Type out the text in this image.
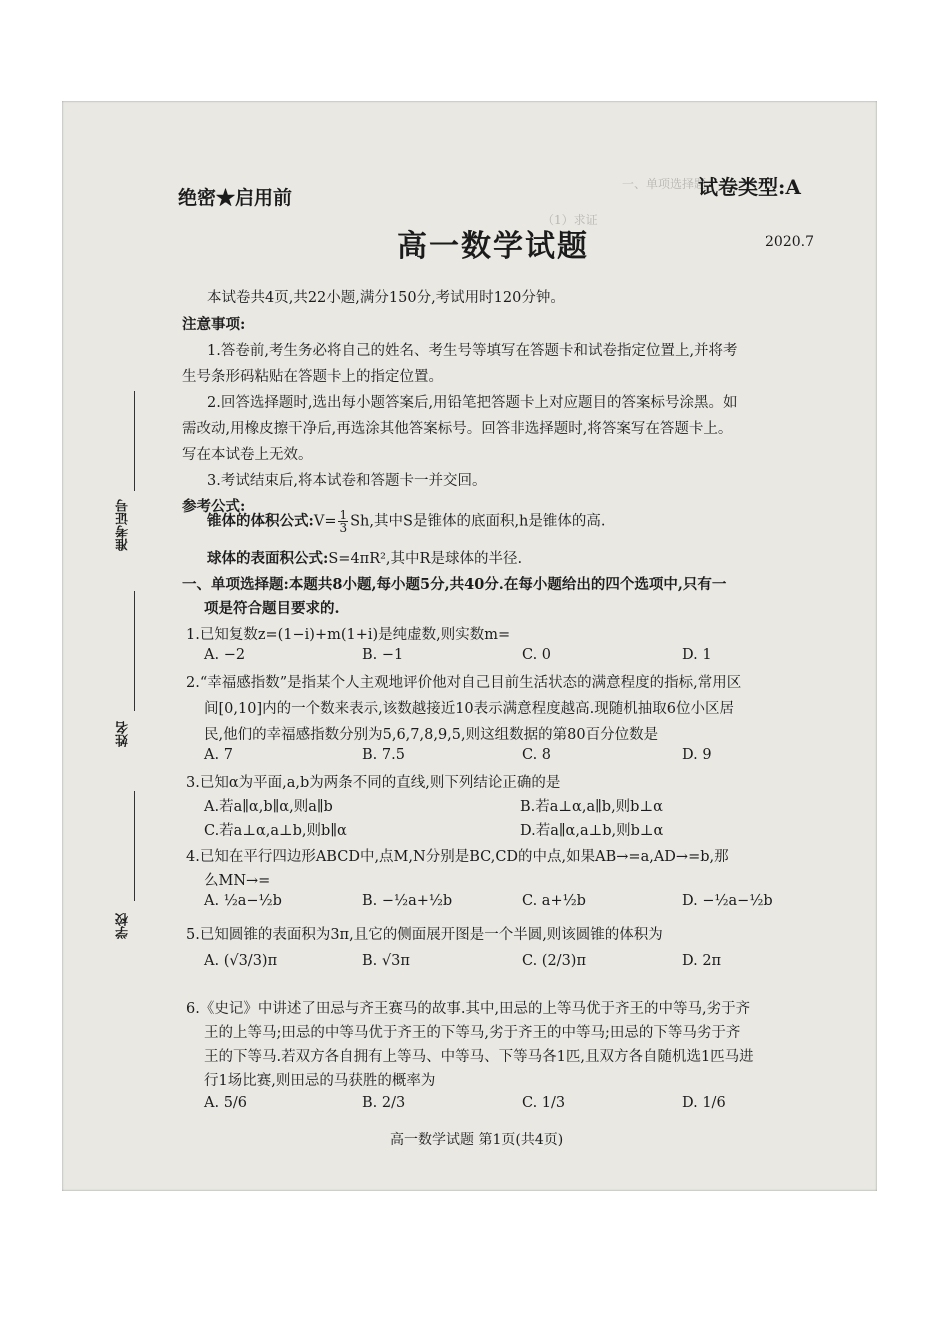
一、单项选择题
（1）求证
准考证号
姓名
学校
绝密★启用前	试卷类型:A
高一数学试题	2020.7
本试卷共4页,共22小题,满分150分,考试用时120分钟。
注意事项:
1.答卷前,考生务必将自己的姓名、考生号等填写在答题卡和试卷指定位置上,并将考
生号条形码粘贴在答题卡上的指定位置。
2.回答选择题时,选出每小题答案后,用铅笔把答题卡上对应题目的答案标号涂黑。如
需改动,用橡皮擦干净后,再选涂其他答案标号。回答非选择题时,将答案写在答题卡上。
写在本试卷上无效。
3.考试结束后,将本试卷和答题卡一并交回。
参考公式:
锥体的体积公式:V= $\frac{1}{3} Sh$,其中S是锥体的底面积,h是锥体的高.
球体的表面积公式:S=4πR²,其中R是球体的半径.
一、单项选择题:本题共8小题,每小题5分,共40分.在每小题给出的四个选项中,只有一
项是符合题目要求的.
1.已知复数z=(1−i)+m(1+i)是纯虚数,则实数m=
A. −2	B. −1	C. 0	D. 1
2.“幸福感指数”是指某个人主观地评价他对自己目前生活状态的满意程度的指标,常用区
间[0,10]内的一个数来表示,该数越接近10表示满意程度越高.现随机抽取6位小区居
民,他们的幸福感指数分别为5,6,7,8,9,5,则这组数据的第80百分位数是
A. 7	B. 7.5	C. 8	D. 9
3.已知α为平面,a,b为两条不同的直线,则下列结论正确的是
A.若a∥α,b∥α,则a∥b	B.若a⊥α,a∥b,则b⊥α
C.若a⊥α,a⊥b,则b∥α	D.若a∥α,a⊥b,则b⊥α
4.已知在平行四边形ABCD中,点M,N分别是BC,CD的中点,如果AB→=a,AD→=b,那
么MN→=
A. ½a−½b	B. −½a+½b	C. a+½b	D. −½a−½b
5.已知圆锥的表面积为3π,且它的侧面展开图是一个半圆,则该圆锥的体积为
A. (√3/3)π	B. √3π	C. (2/3)π	D. 2π
6.《史记》中讲述了田忌与齐王赛马的故事.其中,田忌的上等马优于齐王的中等马,劣于齐
王的上等马;田忌的中等马优于齐王的下等马,劣于齐王的中等马;田忌的下等马劣于齐
王的下等马.若双方各自拥有上等马、中等马、下等马各1匹,且双方各自随机选1匹马进
行1场比赛,则田忌的马获胜的概率为
A. 5/6	B. 2/3	C. 1/3	D. 1/6
高一数学试题 第1页(共4页)
